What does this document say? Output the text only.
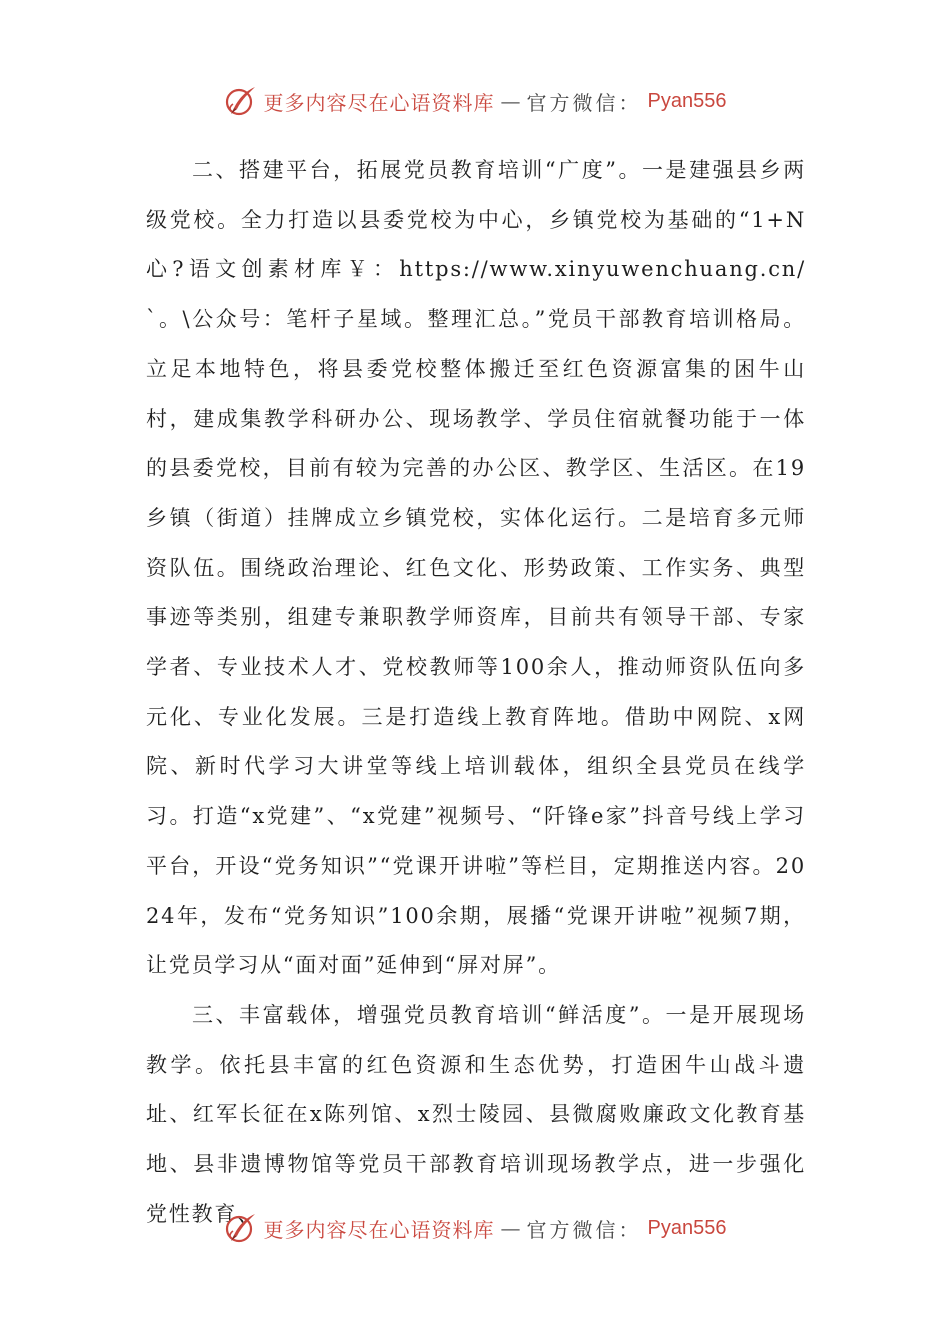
更多内容尽在心语资料库 — 官方微信： Pyan556

二、搭建平台，拓展党员教育培训“广度”。一是建强县乡两级党校。全力打造以县委党校为中心，乡镇党校为基础的“1+N心?语文创素材库￥：https://www.xinyuwenchuang.cn/`。\公众号：笔杆子星域。整理汇总。”党员干部教育培训格局。立足本地特色，将县委党校整体搬迁至红色资源富集的困牛山村，建成集教学科研办公、现场教学、学员住宿就餐功能于一体的县委党校，目前有较为完善的办公区、教学区、生活区。在19乡镇（街道）挂牌成立乡镇党校，实体化运行。二是培育多元师资队伍。围绕政治理论、红色文化、形势政策、工作实务、典型事迹等类别，组建专兼职教学师资库，目前共有领导干部、专家学者、专业技术人才、党校教师等100余人，推动师资队伍向多元化、专业化发展。三是打造线上教育阵地。借助中网院、x网院、新时代学习大讲堂等线上培训载体，组织全县党员在线学习。打造“x党建”、“x党建”视频号、“阡锋e家”抖音号线上学习平台，开设“党务知识”“党课开讲啦”等栏目，定期推送内容。2024年，发布“党务知识”100余期，展播“党课开讲啦”视频7期，让党员学习从“面对面”延伸到“屏对屏”。

三、丰富载体，增强党员教育培训“鲜活度”。一是开展现场教学。依托县丰富的红色资源和生态优势，打造困牛山战斗遗址、红军长征在x陈列馆、x烈士陵园、县微腐败廉政文化教育基地、县非遗博物馆等党员干部教育培训现场教学点，进一步强化党性教育、

更多内容尽在心语资料库 — 官方微信： Pyan556
